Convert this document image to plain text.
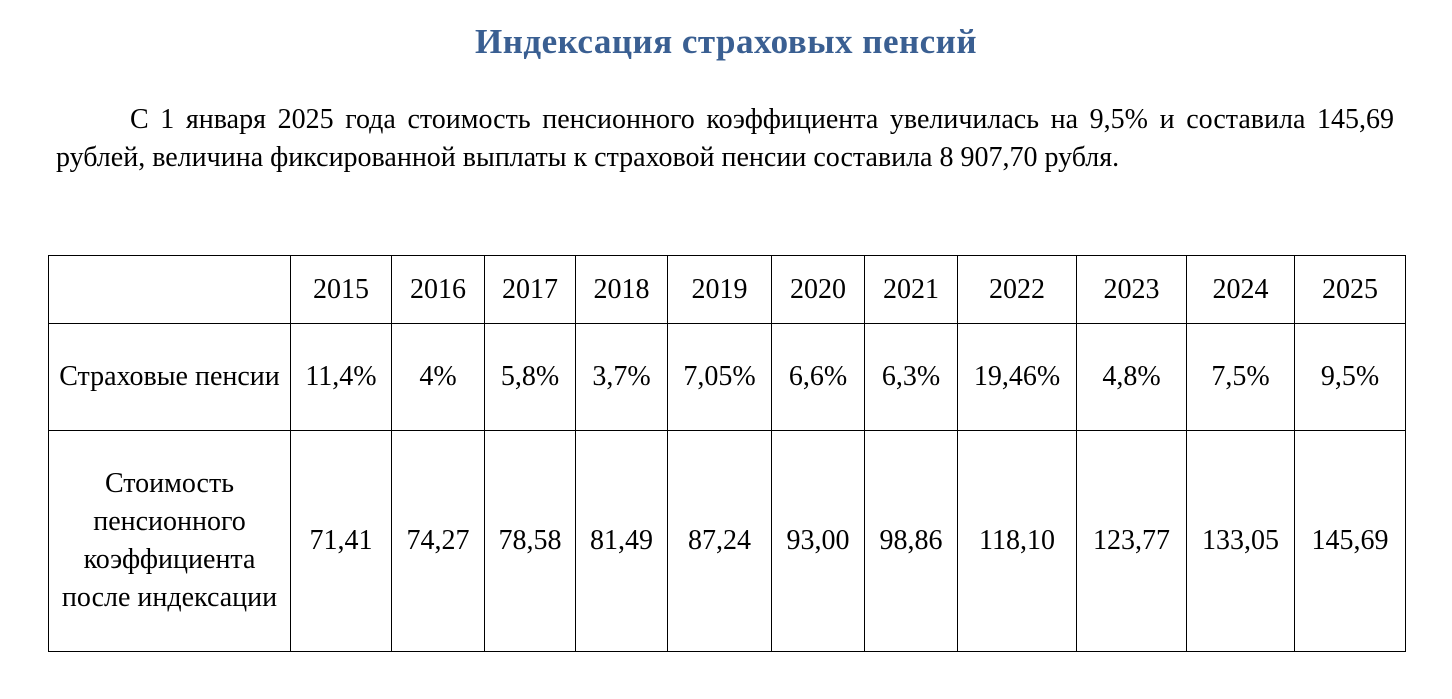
Индексация страховых пенсий
С 1 января 2025 года стоимость пенсионного коэффициента увеличилась на 9,5% и составила 145,69 рублей, величина фиксированной выплаты к страховой пенсии составила 8 907,70 рубля.
	2015	2016	2017	2018	2019	2020	2021	2022	2023	2024	2025
Страховые пенсии	11,4%	4%	5,8%	3,7%	7,05%	6,6%	6,3%	19,46%	4,8%	7,5%	9,5%
Стоимость пенсионного коэффициента после индексации	71,41	74,27	78,58	81,49	87,24	93,00	98,86	118,10	123,77	133,05	145,69
